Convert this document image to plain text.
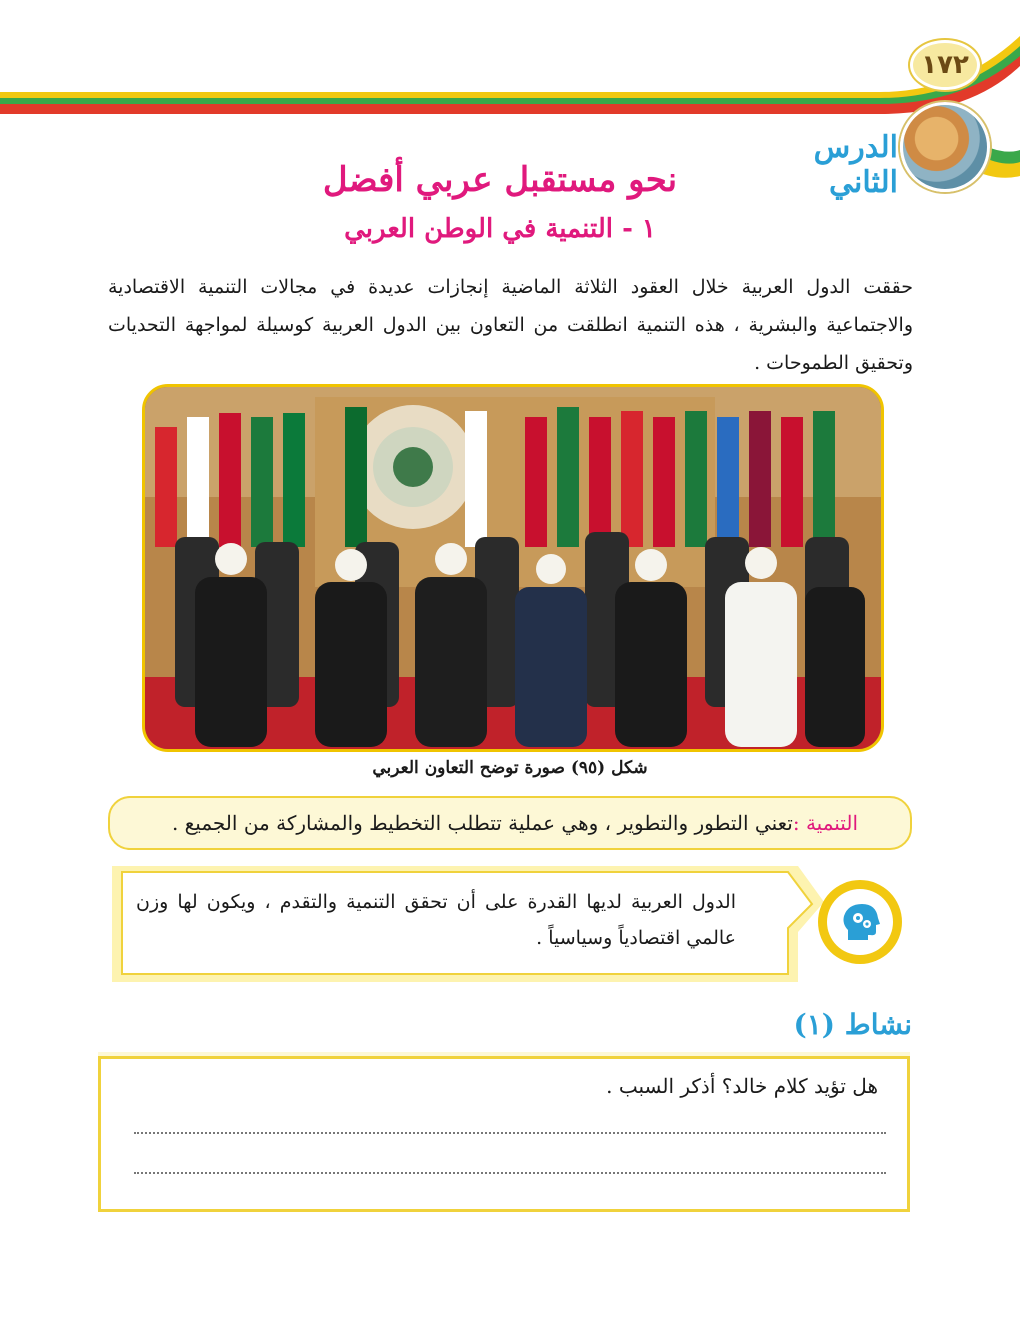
١٧٢
الدرس الثاني
نحو مستقبل عربي أفضل
١ - التنمية في الوطن العربي
حققت الدول العربية خلال العقود الثلاثة الماضية إنجازات عديدة في مجالات التنمية الاقتصادية والاجتماعية والبشرية ، هذه التنمية انطلقت من التعاون بين الدول العربية كوسيلة لمواجهة التحديات وتحقيق الطموحات .
شكل (٩٥) صورة توضح التعاون العربي
التنمية :
تعني التطور والتطوير ، وهي عملية تتطلب التخطيط والمشاركة من الجميع .
الدول العربية لديها القدرة على أن تحقق التنمية والتقدم ، ويكون لها وزن عالمي اقتصادياً وسياسياً .
نشاط (١)
هل تؤيد كلام خالد؟ أذكر السبب .
